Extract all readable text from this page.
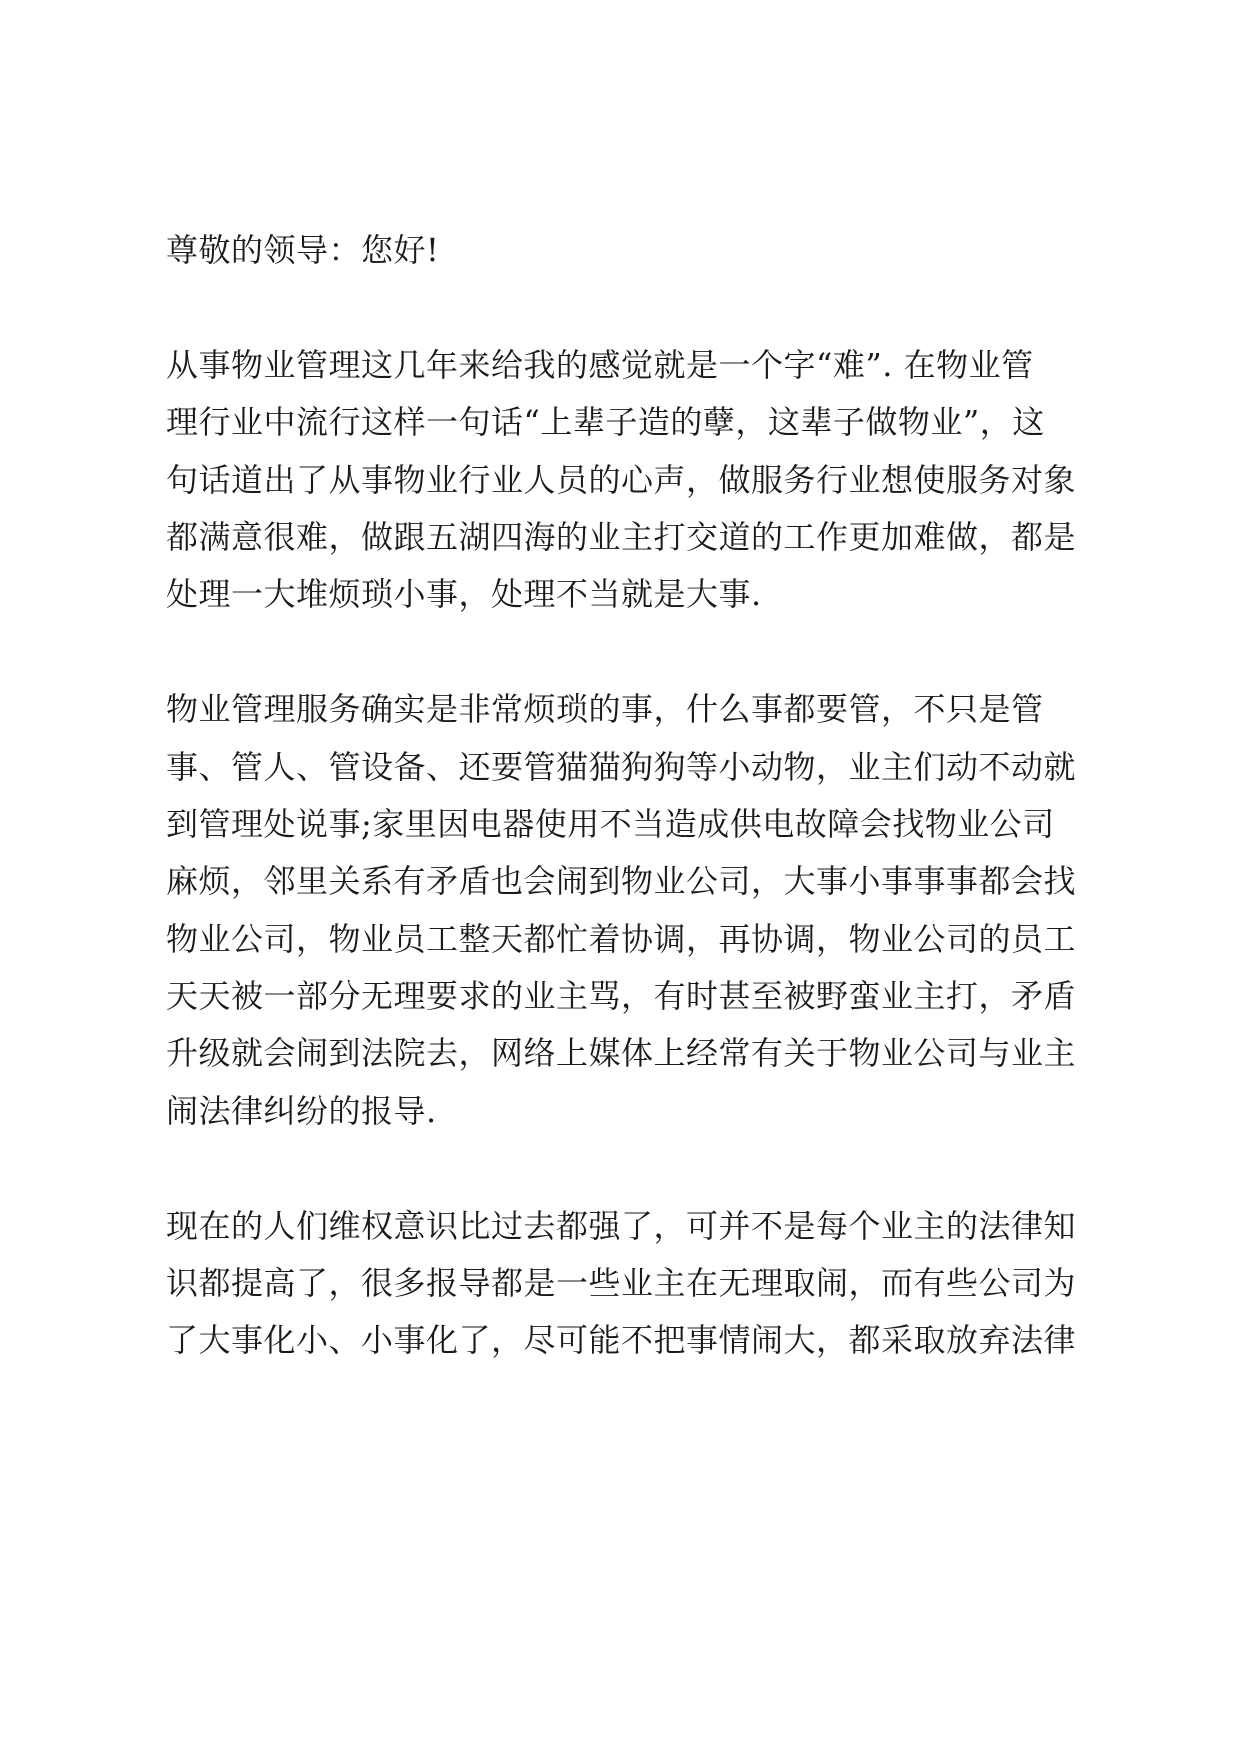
尊敬的领导：您好!
从事物业管理这几年来给我的感觉就是一个字“难”. 在物业管
理行业中流行这样一句话“上辈子造的孽，这辈子做物业”，这
句话道出了从事物业行业人员的心声，做服务行业想使服务对象
都满意很难，做跟五湖四海的业主打交道的工作更加难做，都是
处理一大堆烦琐小事，处理不当就是大事.
物业管理服务确实是非常烦琐的事，什么事都要管，不只是管
事、管人、管设备、还要管猫猫狗狗等小动物，业主们动不动就
到管理处说事;家里因电器使用不当造成供电故障会找物业公司
麻烦，邻里关系有矛盾也会闹到物业公司，大事小事事事都会找
物业公司，物业员工整天都忙着协调，再协调，物业公司的员工
天天被一部分无理要求的业主骂，有时甚至被野蛮业主打，矛盾
升级就会闹到法院去，网络上媒体上经常有关于物业公司与业主
闹法律纠纷的报导.
现在的人们维权意识比过去都强了，可并不是每个业主的法律知
识都提高了，很多报导都是一些业主在无理取闹，而有些公司为
了大事化小、小事化了，尽可能不把事情闹大，都采取放弃法律
